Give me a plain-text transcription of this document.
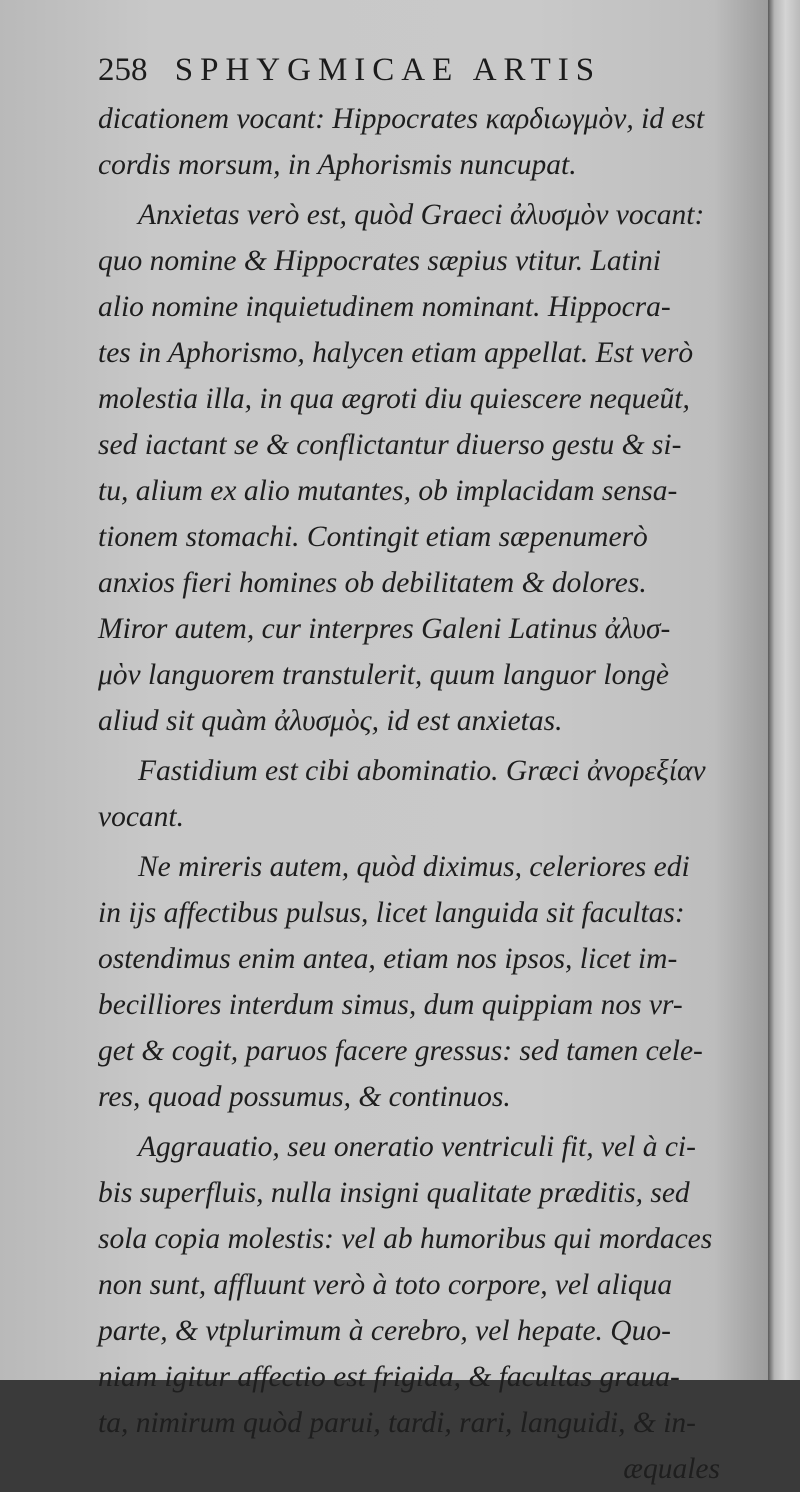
258 SPHYGMICAE ARTIS
dicationem vocant: Hippocrates καρδιωγμὸν, id est
cordis morsum, in Aphorismis nuncupat.
Anxietas verò est, quòd Graeci ἀλυσμὸν vocant:
quo nomine & Hippocrates sæpius vtitur. Latini
alio nomine inquietudinem nominant. Hippocra-
tes in Aphorismo, halycen etiam appellat. Est verò
molestia illa, in qua ægroti diu quiescere nequeũt,
sed iactant se & conflictantur diuerso gestu & si-
tu, alium ex alio mutantes, ob implacidam sensa-
tionem stomachi. Contingit etiam sæpenumerò
anxios fieri homines ob debilitatem & dolores.
Miror autem, cur interpres Galeni Latinus ἀλυσ-
μὸν languorem transtulerit, quum languor longè
aliud sit quàm ἀλυσμὸς, id est anxietas.
Fastidium est cibi abominatio. Græci ἀνορεξίαν
vocant.
Ne mireris autem, quòd diximus, celeriores edi
in ijs affectibus pulsus, licet languida sit facultas:
ostendimus enim antea, etiam nos ipsos, licet im-
becilliores interdum simus, dum quippiam nos vr-
get & cogit, paruos facere gressus: sed tamen cele-
res, quoad possumus, & continuos.
Aggrauatio, seu oneratio ventriculi fit, vel à ci-
bis superfluis, nulla insigni qualitate præditis, sed
sola copia molestis: vel ab humoribus qui mordaces
non sunt, affluunt verò à toto corpore, vel aliqua
parte, & vtplurimum à cerebro, vel hepate. Quo-
niam igitur affectio est frigida, & facultas graua-
ta, nimirum quòd parui, tardi, rari, languidi, & in-
æquales
